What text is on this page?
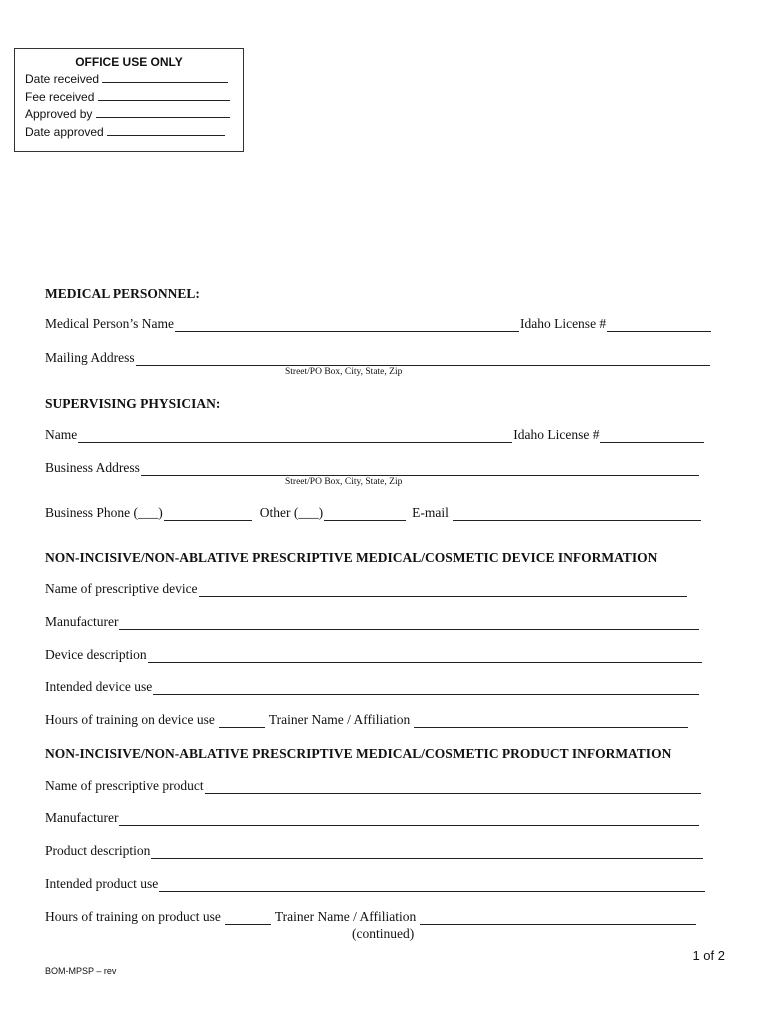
OFFICE USE ONLY
Date received
Fee received
Approved by
Date approved
MEDICAL PERSONNEL:
Medical Person’s Name	Idaho License #
Mailing Address
Street/PO Box, City, State, Zip
SUPERVISING PHYSICIAN:
Name	Idaho License #
Business Address
Street/PO Box, City, State, Zip
Business Phone (___)	Other (___)	E-mail
NON-INCISIVE/NON-ABLATIVE PRESCRIPTIVE MEDICAL/COSMETIC DEVICE INFORMATION
Name of prescriptive device
Manufacturer
Device description
Intended device use
Hours of training on device use	Trainer Name / Affiliation
NON-INCISIVE/NON-ABLATIVE PRESCRIPTIVE MEDICAL/COSMETIC PRODUCT INFORMATION
Name of prescriptive product
Manufacturer
Product description
Intended product use
Hours of training on product use	Trainer Name / Affiliation
(continued)
1 of 2
BOM-MPSP – rev
